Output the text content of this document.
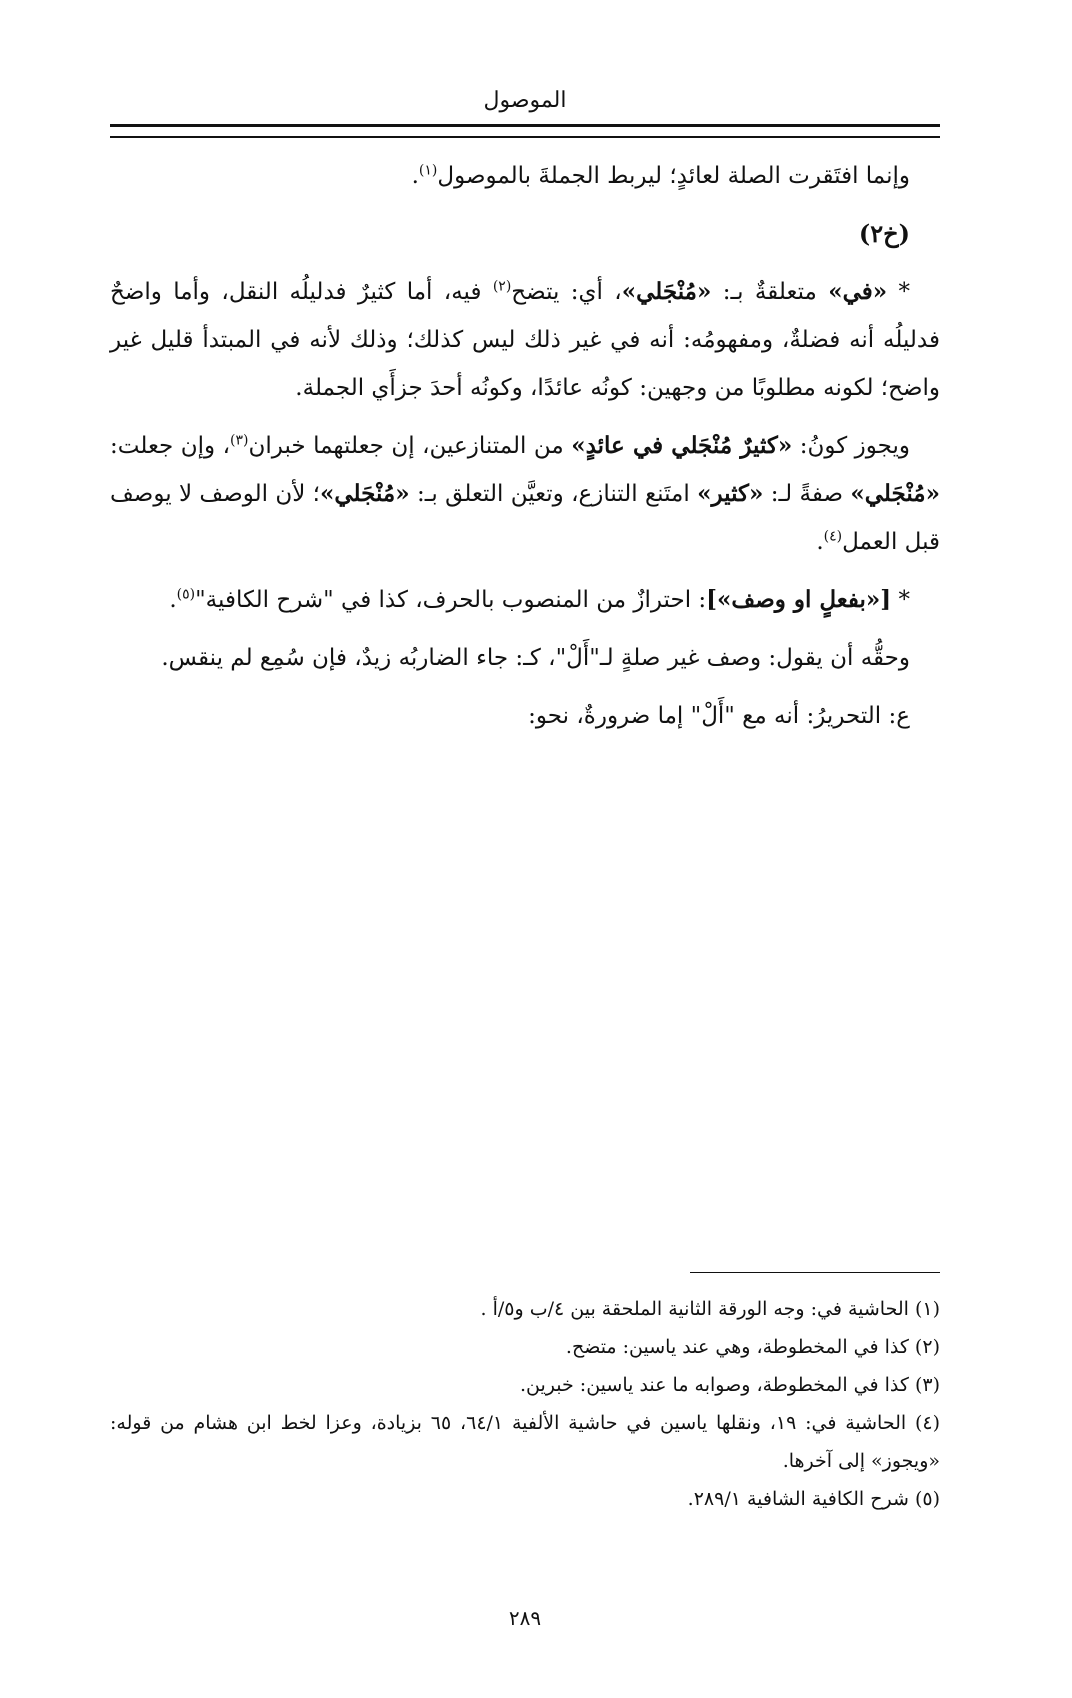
الموصول

وإنما افتَقرت الصلة لعائدٍ؛ ليربط الجملةَ بالموصول$^{(١)}$.

(خ٢)

* «في» متعلقةٌ بـ: «مُنْجَلي»، أي: يتضح$^{(٢)}$ فيه، أما كثيرٌ فدليلُه النقل، وأما واضحٌ فدليلُه أنه فضلةٌ، ومفهومُه: أنه في غير ذلك ليس كذلك؛ وذلك لأنه في المبتدأ قليل غير واضح؛ لكونه مطلوبًا من وجهين: كونُه عائدًا، وكونُه أحدَ جزأَي الجملة.

ويجوز كونُ: «كثيرٌ مُنْجَلي في عائدٍ» من المتنازعين، إن جعلتهما خبران$^{(٣)}$، وإن جعلت: «مُنْجَلي» صفةً لـ: «كثير» امتَنع التنازع، وتعيَّن التعلق بـ: «مُنْجَلي»؛ لأن الوصف لا يوصف قبل العمل$^{(٤)}$.

* [«بفعلٍ او وصف»]: احترازٌ من المنصوب بالحرف، كذا في "شرح الكافية"$^{(٥)}$.

وحقُّه أن يقول: وصف غير صلةٍ لـ"أَلْ"، كـ: جاء الضاربُه زيدٌ، فإن سُمِع لم ينقس.

ع: التحريرُ: أنه مع "أَلْ" إما ضرورةٌ، نحو:

(١) الحاشية في: وجه الورقة الثانية الملحقة بين ٤/ب و٥/أ .

(٢) كذا في المخطوطة، وهي عند ياسين: متضح.

(٣) كذا في المخطوطة، وصوابه ما عند ياسين: خبرين.

(٤) الحاشية في: ١٩، ونقلها ياسين في حاشية الألفية ٦٤/١، ٦٥ بزيادة، وعزا لخط ابن هشام من قوله: «ويجوز» إلى آخرها.

(٥) شرح الكافية الشافية ٢٨٩/١.

٢٨٩
